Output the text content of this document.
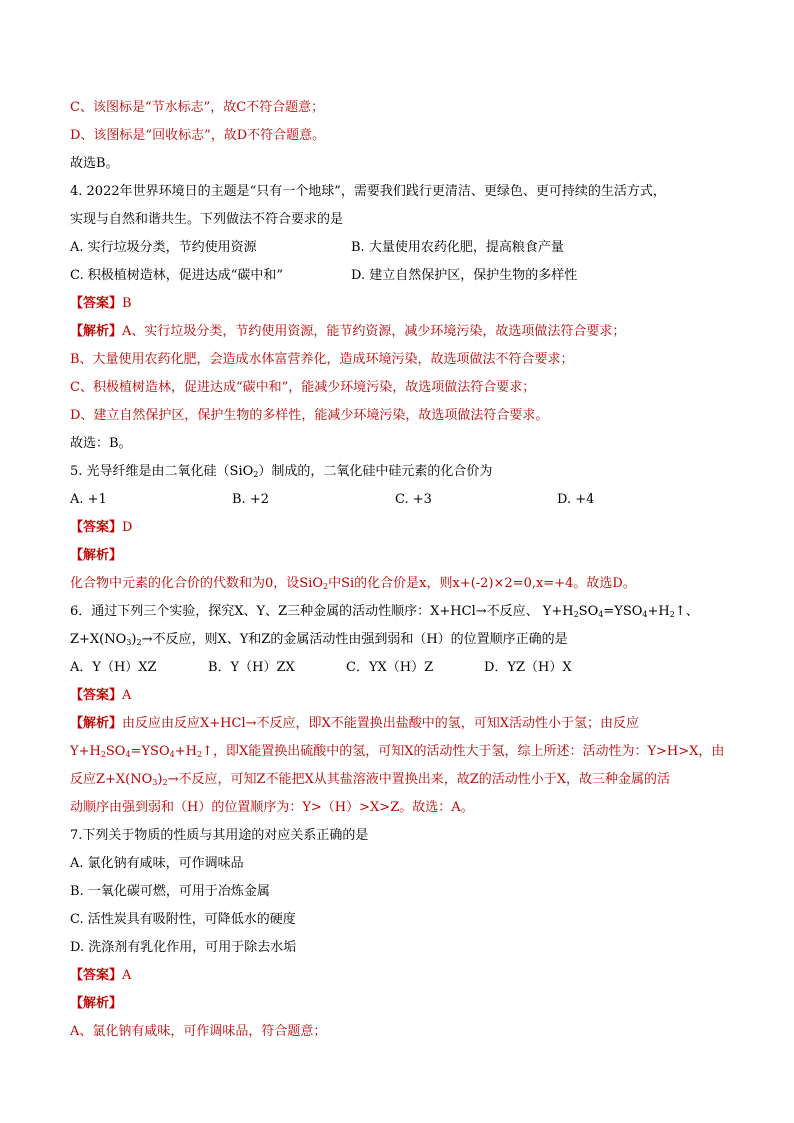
C、该图标是“节水标志”，故C不符合题意；
D、该图标是“回收标志”，故D不符合题意。
故选B。
4. 2022年世界环境日的主题是“只有一个地球”，需要我们践行更清洁、更绿色、更可持续的生活方式，
实现与自然和谐共生。下列做法不符合要求的是
A. 实行垃圾分类，节约使用资源	B. 大量使用农药化肥，提高粮食产量
C. 积极植树造林，促进达成“碳中和”	D. 建立自然保护区，保护生物的多样性
【答案】B
【解析】A、实行垃圾分类，节约使用资源，能节约资源，减少环境污染，故选项做法符合要求；
B、大量使用农药化肥，会造成水体富营养化，造成环境污染，故选项做法不符合要求；
C、积极植树造林，促进达成“碳中和”，能减少环境污染，故选项做法符合要求；
D、建立自然保护区，保护生物的多样性，能减少环境污染，故选项做法符合要求。
故选：B。
5. 光导纤维是由二氧化硅（SiO$_2$）制成的，二氧化硅中硅元素的化合价为
A. +1	B. +2	C. +3	D. +4
【答案】D
【解析】
化合物中元素的化合价的代数和为0，设SiO$_2$中Si的化合价是x，则x+(-2)×2=0,x=+4。故选D。
6．通过下列三个实验，探究X、Y、Z三种金属的活动性顺序：X+HCl→不反应、 $Y+H_2SO_4=YSO_4+H_2↑$、
$Z+X(NO_3)_2\to$不反应，则X、Y和Z的金属活动性由强到弱和（H）的位置顺序正确的是
A．Y（H）XZ	B．Y（H）ZX	C．YX（H）Z	D．YZ（H）X
【答案】A
【解析】由反应由反应X+HCl→不反应，即X不能置换出盐酸中的氢，可知X活动性小于氢；由反应
$Y+H_2SO_4=YSO_4+H_2↑$，即X能置换出硫酸中的氢，可知X的活动性大于氢，综上所述：活动性为：Y>H>X，由
反应$Z+X(NO_3)_2\to$不反应，可知Z不能把X从其盐溶液中置换出来，故Z的活动性小于X，故三种金属的活
动顺序由强到弱和（H）的位置顺序为：Y>（H）>X>Z。故选：A。
7.下列关于物质的性质与其用途的对应关系正确的是
A. 氯化钠有咸味，可作调味品
B. 一氧化碳可燃，可用于冶炼金属
C. 活性炭具有吸附性，可降低水的硬度
D. 洗涤剂有乳化作用，可用于除去水垢
【答案】A
【解析】
A、氯化钠有咸味，可作调味品，符合题意；
